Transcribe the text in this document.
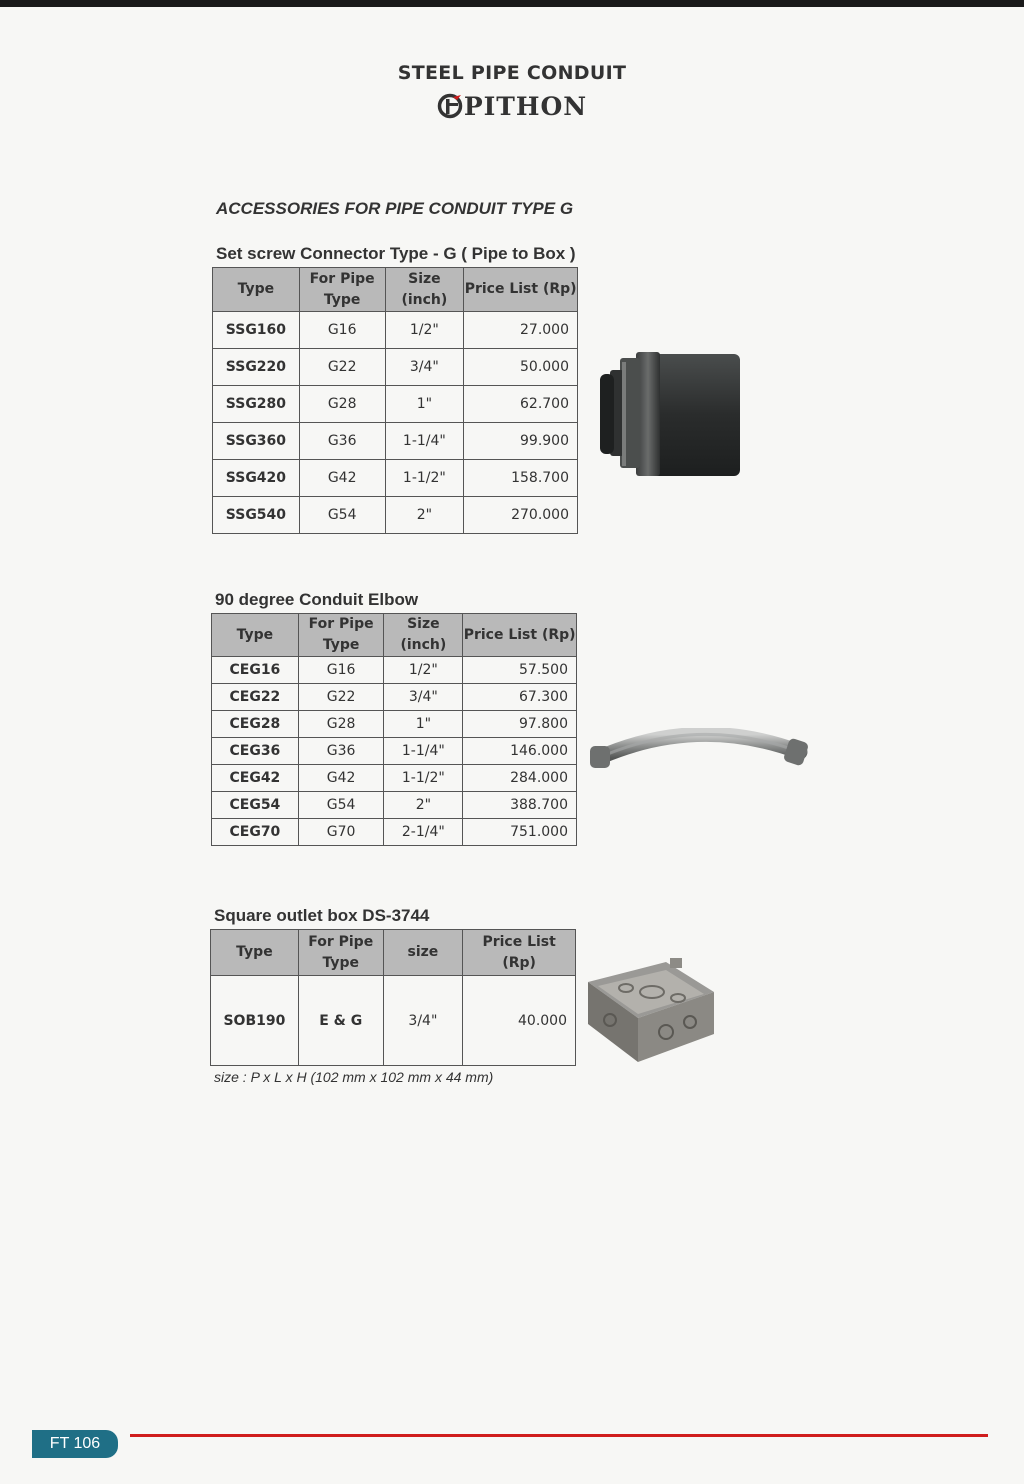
STEEL PIPE CONDUIT
PITHON
ACCESSORIES FOR PIPE CONDUIT TYPE G
Set screw Connector Type - G ( Pipe to Box )
Type	For Pipe Type	Size (inch)	Price List (Rp)
SSG160	G16	1/2"	27.000
SSG220	G22	3/4"	50.000
SSG280	G28	1"	62.700
SSG360	G36	1-1/4"	99.900
SSG420	G42	1-1/2"	158.700
SSG540	G54	2"	270.000
90 degree Conduit Elbow
Type	For Pipe Type	Size (inch)	Price List (Rp)
CEG16	G16	1/2"	57.500
CEG22	G22	3/4"	67.300
CEG28	G28	1"	97.800
CEG36	G36	1-1/4"	146.000
CEG42	G42	1-1/2"	284.000
CEG54	G54	2"	388.700
CEG70	G70	2-1/4"	751.000
Square outlet box DS-3744
Type	For Pipe Type	size	Price List (Rp)
SOB190	E & G	3/4"	40.000
size : P x L x H (102 mm x 102 mm x 44 mm)
FT 106
